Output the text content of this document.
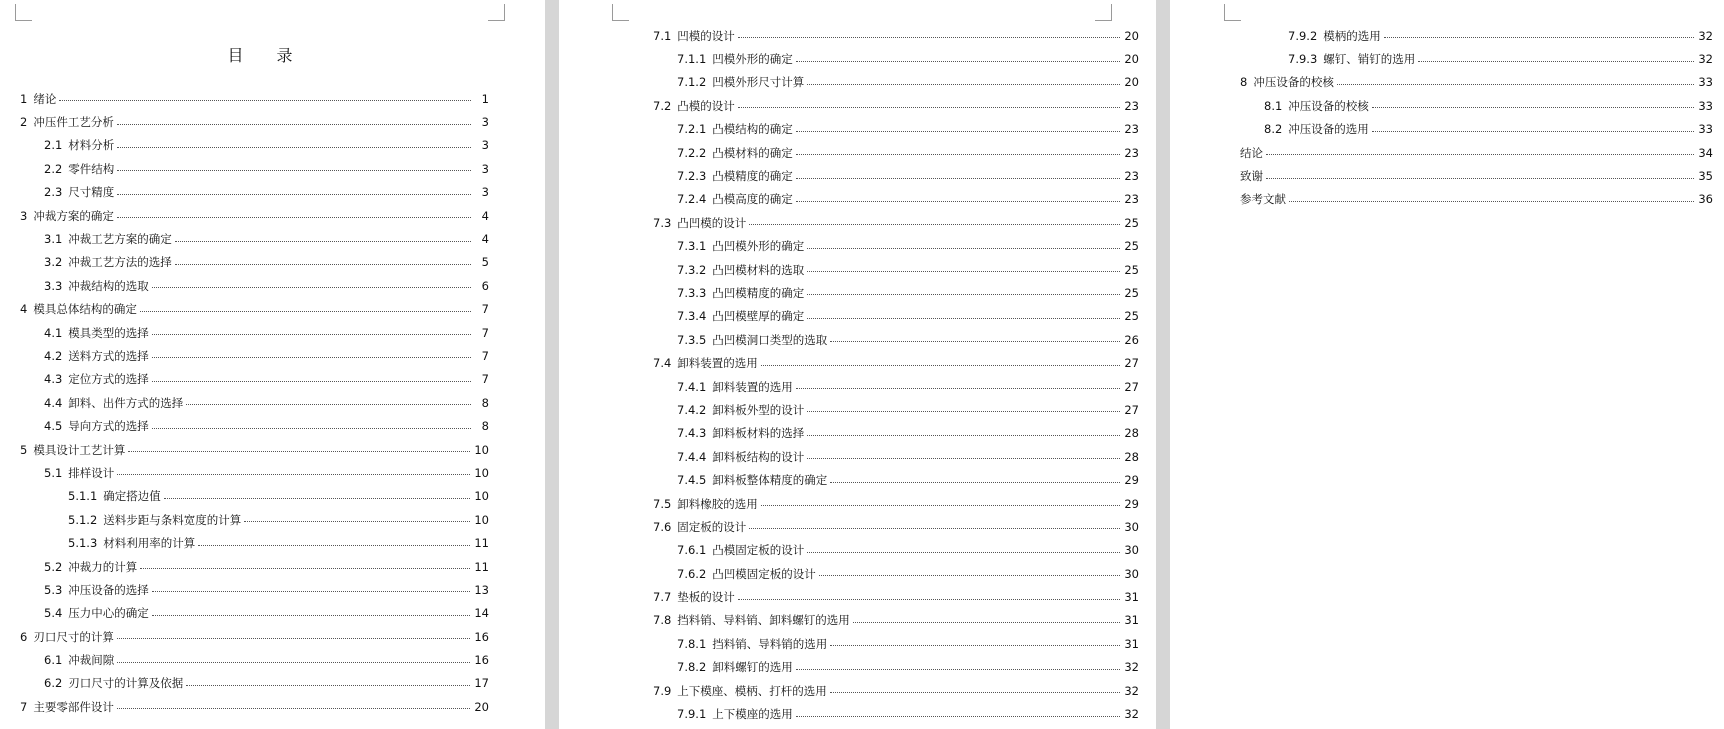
目 录
1 绪论	1
2 冲压件工艺分析	3
2.1 材料分析	3
2.2 零件结构	3
2.3 尺寸精度	3
3 冲裁方案的确定	4
3.1 冲裁工艺方案的确定	4
3.2 冲裁工艺方法的选择	5
3.3 冲裁结构的选取	6
4 模具总体结构的确定	7
4.1 模具类型的选择	7
4.2 送料方式的选择	7
4.3 定位方式的选择	7
4.4 卸料、出件方式的选择	8
4.5 导向方式的选择	8
5 模具设计工艺计算	10
5.1 排样设计	10
5.1.1 确定搭边值	10
5.1.2 送料步距与条料宽度的计算	10
5.1.3 材料利用率的计算	11
5.2 冲裁力的计算	11
5.3 冲压设备的选择	13
5.4 压力中心的确定	14
6 刃口尺寸的计算	16
6.1 冲裁间隙	16
6.2 刃口尺寸的计算及依据	17
7 主要零部件设计	20
7.1 凹模的设计	20
7.1.1 凹模外形的确定	20
7.1.2 凹模外形尺寸计算	20
7.2 凸模的设计	23
7.2.1 凸模结构的确定	23
7.2.2 凸模材料的确定	23
7.2.3 凸模精度的确定	23
7.2.4 凸模高度的确定	23
7.3 凸凹模的设计	25
7.3.1 凸凹模外形的确定	25
7.3.2 凸凹模材料的选取	25
7.3.3 凸凹模精度的确定	25
7.3.4 凸凹模壁厚的确定	25
7.3.5 凸凹模洞口类型的选取	26
7.4 卸料装置的选用	27
7.4.1 卸料装置的选用	27
7.4.2 卸料板外型的设计	27
7.4.3 卸料板材料的选择	28
7.4.4 卸料板结构的设计	28
7.4.5 卸料板整体精度的确定	29
7.5 卸料橡胶的选用	29
7.6 固定板的设计	30
7.6.1 凸模固定板的设计	30
7.6.2 凸凹模固定板的设计	30
7.7 垫板的设计	31
7.8 挡料销、导料销、卸料螺钉的选用	31
7.8.1 挡料销、导料销的选用	31
7.8.2 卸料螺钉的选用	32
7.9 上下模座、模柄、打杆的选用	32
7.9.1 上下模座的选用	32
7.9.2 模柄的选用	32
7.9.3 螺钉、销钉的选用	32
8 冲压设备的校核	33
8.1 冲压设备的校核	33
8.2 冲压设备的选用	33
结论	34
致谢	35
参考文献	36
